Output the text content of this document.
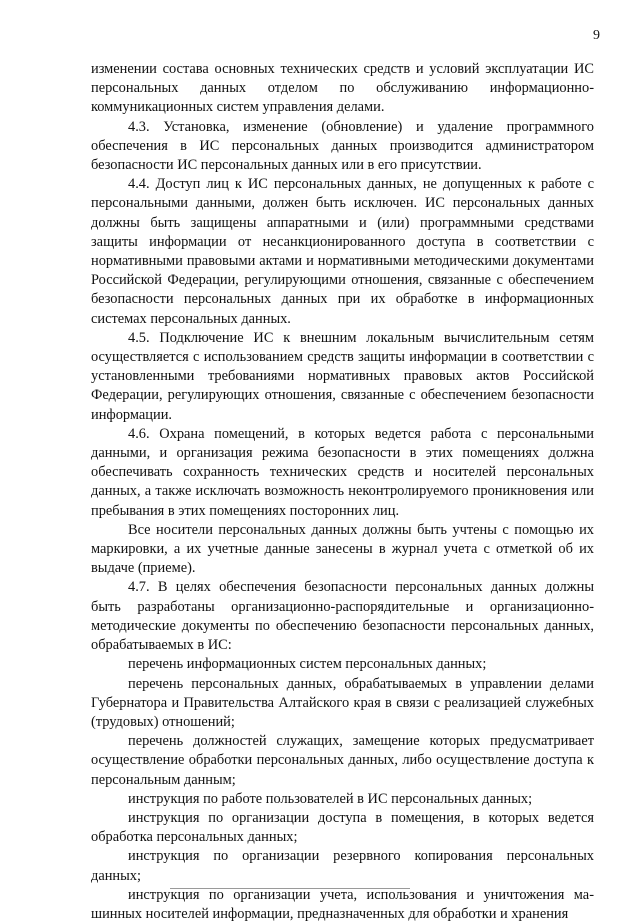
9

изменении состава основных технических средств и условий эксплуатации ИС персональных данных отделом по обслуживанию информационно-коммуникационных систем управления делами.

4.3. Установка, изменение (обновление) и удаление программного обеспечения в ИС персональных данных производится администратором безопасности ИС персональных данных или в его присутствии.

4.4. Доступ лиц к ИС персональных данных, не допущенных к работе с персональными данными, должен быть исключен. ИС персональных данных должны быть защищены аппаратными и (или) программными средствами защиты информации от несанкционированного доступа в соответствии с нормативными правовыми актами и нормативными методическими документами Российской Федерации, регулирующими отношения, связанные с обеспечением безопасности персональных данных при их обработке в информационных системах персональных данных.

4.5. Подключение ИС к внешним локальным вычислительным сетям осуществляется с использованием средств защиты информации в соответствии с установленными требованиями нормативных правовых актов Российской Федерации, регулирующих отношения, связанные с обеспечением безопасности информации.

4.6. Охрана помещений, в которых ведется работа с персональными данными, и организация режима безопасности в этих помещениях должна обеспечивать сохранность технических средств и носителей персональных данных, а также исключать возможность неконтролируемого проникновения или пребывания в этих помещениях посторонних лиц.

Все носители персональных данных должны быть учтены с помощью их маркировки, а их учетные данные занесены в журнал учета с отметкой об их выдаче (приеме).

4.7. В целях обеспечения безопасности персональных данных должны быть разработаны организационно-распорядительные и организационно-методические документы по обеспечению безопасности персональных данных, обрабатываемых в ИС:

перечень информационных систем персональных данных;

перечень персональных данных, обрабатываемых в управлении делами Губернатора и Правительства Алтайского края в связи с реализацией служебных (трудовых) отношений;

перечень должностей служащих, замещение которых предусматривает осуществление обработки персональных данных, либо осуществление доступа к персональным данным;

инструкция по работе пользователей в ИС персональных данных;

инструкция по организации доступа в помещения, в которых ведется обработка персональных данных;

инструкция по организации резервного копирования персональных данных;

инструкция по организации учета, использования и уничтожения машинных носителей информации, предназначенных для обработки и хранения
